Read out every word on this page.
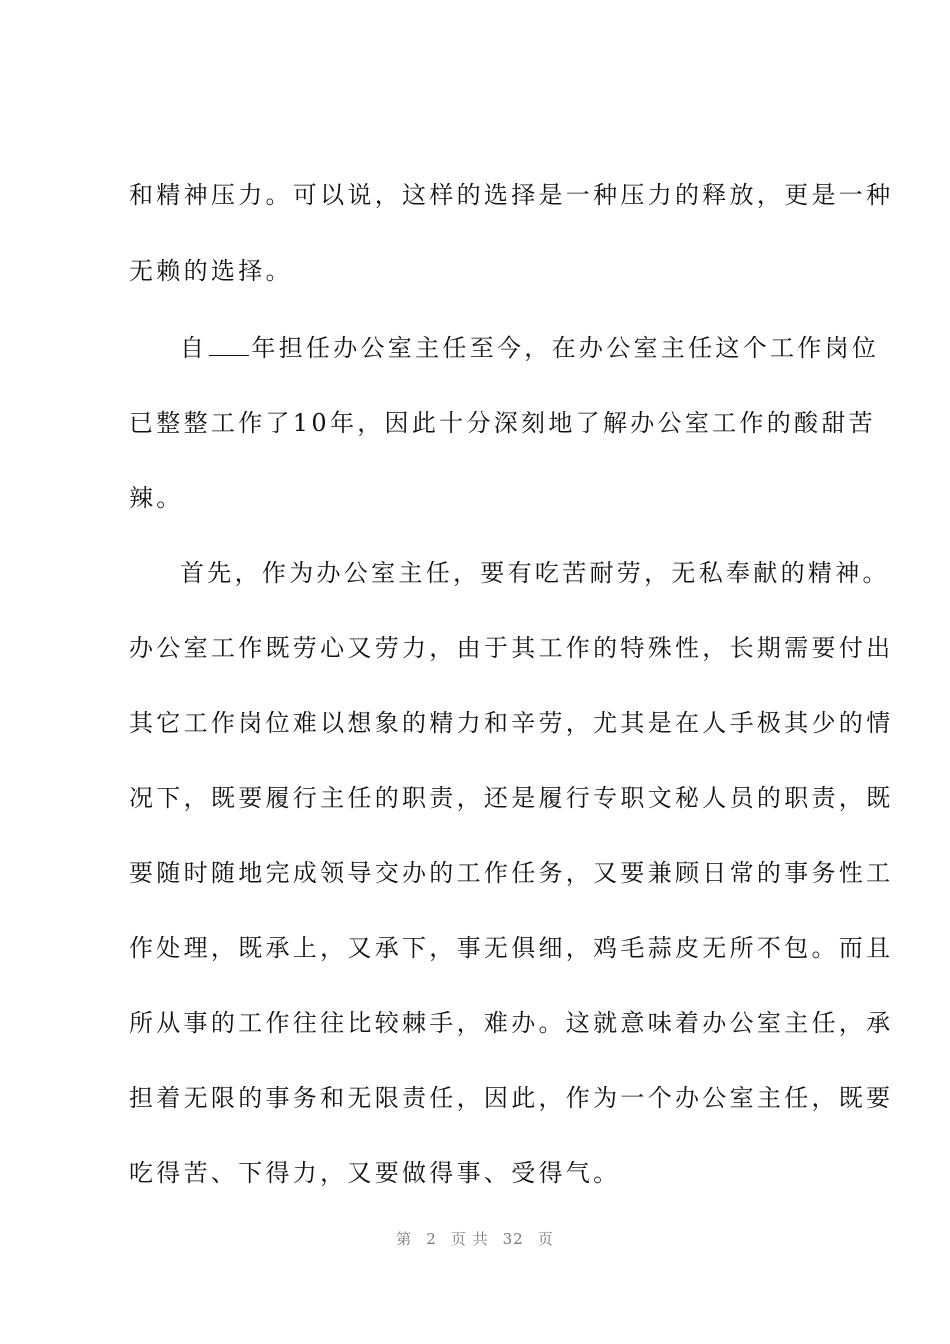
和精神压力。可以说，这样的选择是一种压力的释放，更是一种
无赖的选择。
自 年担任办公室主任至今，在办公室主任这个工作岗位
已整整工作了10年，因此十分深刻地了解办公室工作的酸甜苦
辣。
首先，作为办公室主任，要有吃苦耐劳，无私奉献的精神。
办公室工作既劳心又劳力，由于其工作的特殊性，长期需要付出
其它工作岗位难以想象的精力和辛劳，尤其是在人手极其少的情
况下，既要履行主任的职责，还是履行专职文秘人员的职责，既
要随时随地完成领导交办的工作任务，又要兼顾日常的事务性工
作处理，既承上，又承下，事无俱细，鸡毛蒜皮无所不包。而且
所从事的工作往往比较棘手，难办。这就意味着办公室主任，承
担着无限的事务和无限责任，因此，作为一个办公室主任，既要
吃得苦、下得力，又要做得事、受得气。
第 2 页 共 32 页
